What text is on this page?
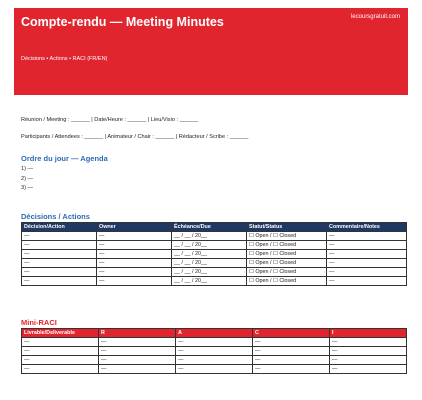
Compte-rendu — Meeting Minutes	lecoursgratuit.com
Décisions • Actions • RACI (FR/EN)
Réunion / Meeting : ______ | Date/Heure : ______ | Lieu/Visio : ______
Participants / Attendees : ______ | Animateur / Chair : ______ | Rédacteur / Scribe : ______
Ordre du jour — Agenda
1) —
2) —
3) —
Décisions / Actions
Décision/Action	Owner	Échéance/Due	Statut/Status	Commentaire/Notes
—	—	__ / __ / 20__	☐ Open / ☐ Closed	—
—	—	__ / __ / 20__	☐ Open / ☐ Closed	—
—	—	__ / __ / 20__	☐ Open / ☐ Closed	—
—	—	__ / __ / 20__	☐ Open / ☐ Closed	—
—	—	__ / __ / 20__	☐ Open / ☐ Closed	—
—	—	__ / __ / 20__	☐ Open / ☐ Closed	—
Mini-RACI
Livrable/Deliverable	R	A	C	I
—	—	—	—	—
—	—	—	—	—
—	—	—	—	—
—	—	—	—	—
